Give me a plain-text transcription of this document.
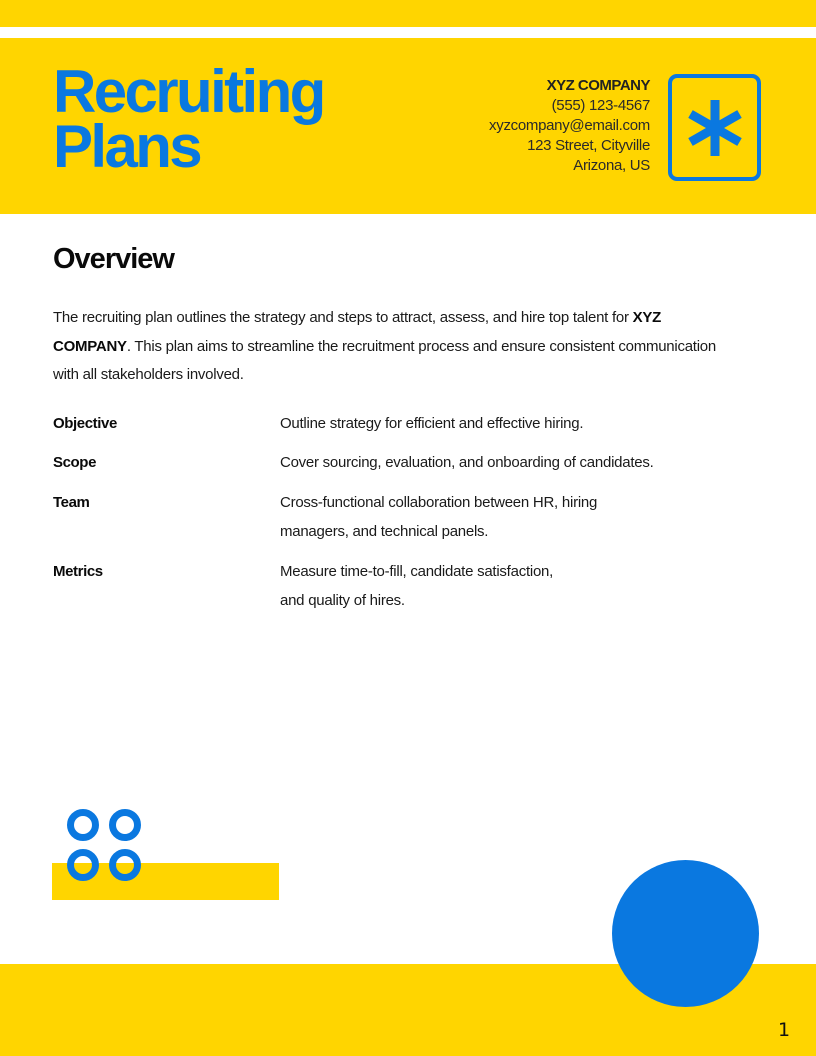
Recruiting
Plans
XYZ COMPANY
(555) 123-4567
xyzcompany@email.com
123 Street, Cityville
Arizona, US
Overview

The recruiting plan outlines the strategy and steps to attract, assess, and hire top talent for XYZ COMPANY. This plan aims to streamline the recruitment process and ensure consistent communication with all stakeholders involved.

Objective	Outline strategy for efficient and effective hiring.
Scope	Cover sourcing, evaluation, and onboarding of candidates.
Team	Cross-functional collaboration between HR, hiring
managers, and technical panels.
Metrics	Measure time-to-fill, candidate satisfaction,
and quality of hires.
1
